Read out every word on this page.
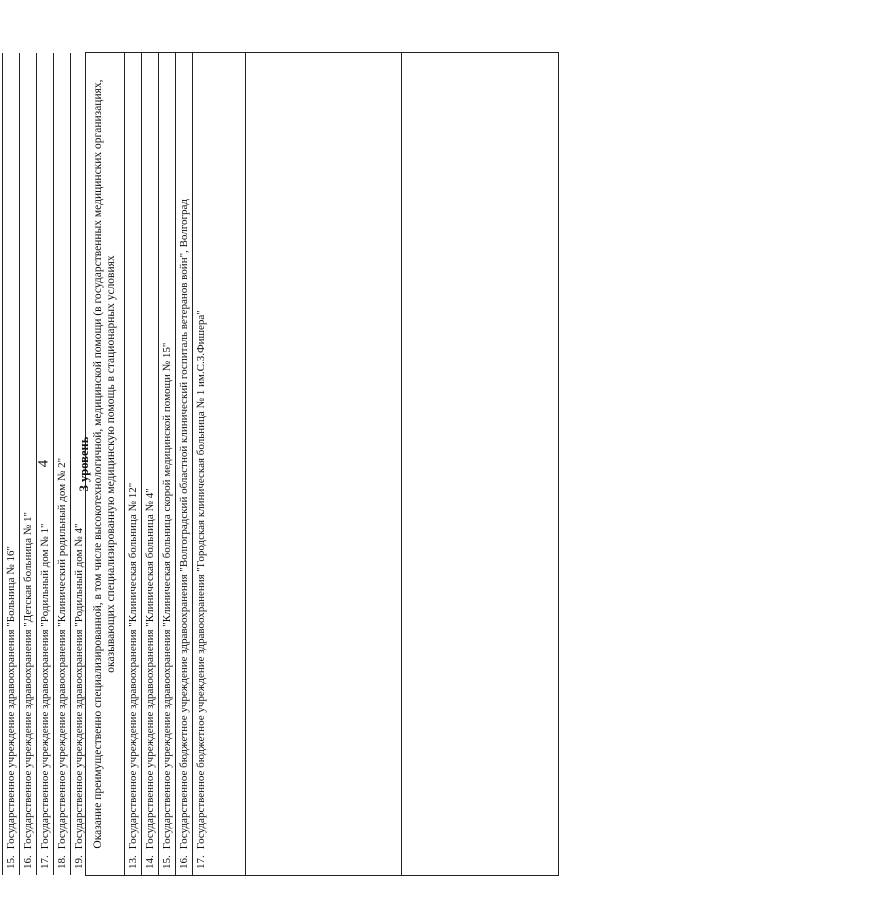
4
15.Государственное учреждение здравоохранения "Больница № 16"
16.Государственное учреждение здравоохранения "Детская больница № 1"
17.Государственное учреждение здравоохранения "Родильный дом № 1"
18.Государственное учреждение здравоохранения "Клинический родильный дом № 2"
19.Государственное учреждение здравоохранения "Родильный дом № 4"
3 уровень Оказание преимущественно специализированной, в том числе высокотехнологичной, медицинской помощи (в государственных медицинских организациях, оказывающих специализированную медицинскую помощь в стационарных условиях
13.Государственное учреждение здравоохранения "Клиническая больница № 12"
14.Государственное учреждение здравоохранения "Клиническая больница № 4"
15.Государственное учреждение здравоохранения "Клиническая больница скорой медицинской помощи № 15"
16.Государственное бюджетное учреждение здравоохранения "Волгоградский областной клинический госпиталь ветеранов войн", Волгоград
17.Государственное бюджетное учреждение здравоохранения "Городская клиническая больница № 1 им.С.З.Фишера"
